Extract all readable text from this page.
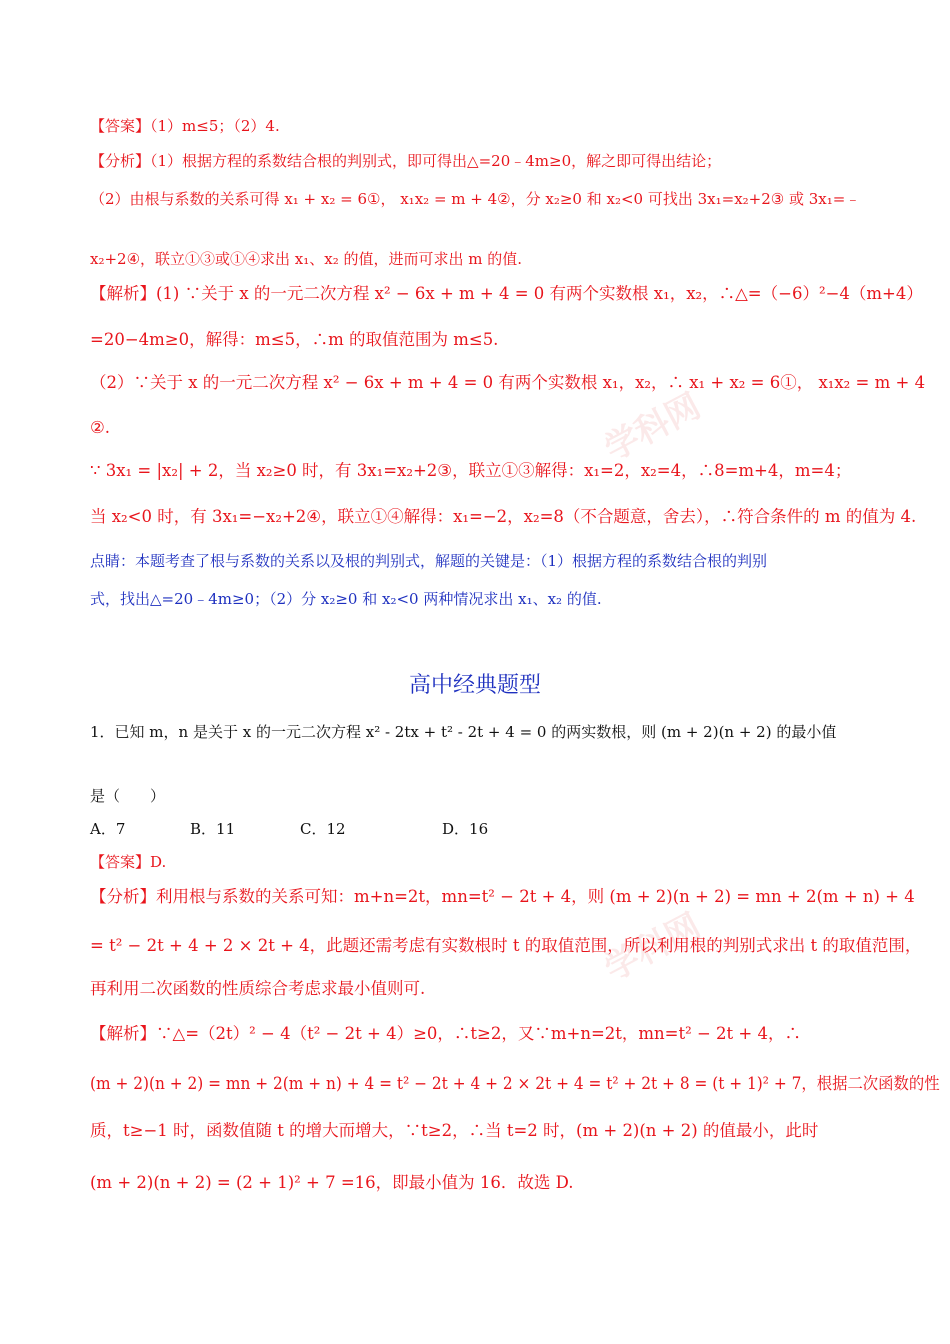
学科网
学科网
【答案】（1）m≤5；（2）4.
【分析】（1）根据方程的系数结合根的判别式，即可得出△=20﹣4m≥0，解之即可得出结论；
（2）由根与系数的关系可得 x₁ + x₂ = 6①， x₁x₂ = m + 4②，分 x₂≥0 和 x₂<0 可找出 3x₁=x₂+2③ 或 3x₁=﹣
x₂+2④，联立①③或①④求出 x₁、x₂ 的值，进而可求出 m 的值.
【解析】(1) ∵关于 x 的一元二次方程 x² − 6x + m + 4 = 0 有两个实数根 x₁，x₂，∴△=（−6）²−4（m+4）
=20−4m≥0，解得：m≤5，∴m 的取值范围为 m≤5.
（2）∵关于 x 的一元二次方程 x² − 6x + m + 4 = 0 有两个实数根 x₁，x₂，∴ x₁ + x₂ = 6①， x₁x₂ = m + 4
②.
∵ 3x₁ = |x₂| + 2，当 x₂≥0 时，有 3x₁=x₂+2③，联立①③解得：x₁=2，x₂=4，∴8=m+4，m=4；
当 x₂<0 时，有 3x₁=−x₂+2④，联立①④解得：x₁=−2，x₂=8（不合题意，舍去），∴符合条件的 m 的值为 4.
点睛：本题考查了根与系数的关系以及根的判别式，解题的关键是：（1）根据方程的系数结合根的判别
式，找出△=20﹣4m≥0；（2）分 x₂≥0 和 x₂<0 两种情况求出 x₁、x₂ 的值.
高中经典题型
1．已知 m，n 是关于 x 的一元二次方程 x² - 2tx + t² - 2t + 4 = 0 的两实数根，则 (m + 2)(n + 2) 的最小值
是（　　）
A．7	B．11	C．12	D．16
【答案】D.
【分析】利用根与系数的关系可知：m+n=2t，mn=t² − 2t + 4，则 (m + 2)(n + 2) = mn + 2(m + n) + 4
= t² − 2t + 4 + 2 × 2t + 4，此题还需考虑有实数根时 t 的取值范围，所以利用根的判别式求出 t 的取值范围，
再利用二次函数的性质综合考虑求最小值则可.
【解析】∵△=（2t）² − 4（t² − 2t + 4）≥0，∴t≥2，又∵m+n=2t，mn=t² − 2t + 4，∴
(m + 2)(n + 2) = mn + 2(m + n) + 4 = t² − 2t + 4 + 2 × 2t + 4 = t² + 2t + 8 = (t + 1)² + 7，根据二次函数的性
质，t≥−1 时，函数值随 t 的增大而增大，∵t≥2，∴当 t=2 时，(m + 2)(n + 2) 的值最小，此时
(m + 2)(n + 2) = (2 + 1)² + 7 =16，即最小值为 16．故选 D.
